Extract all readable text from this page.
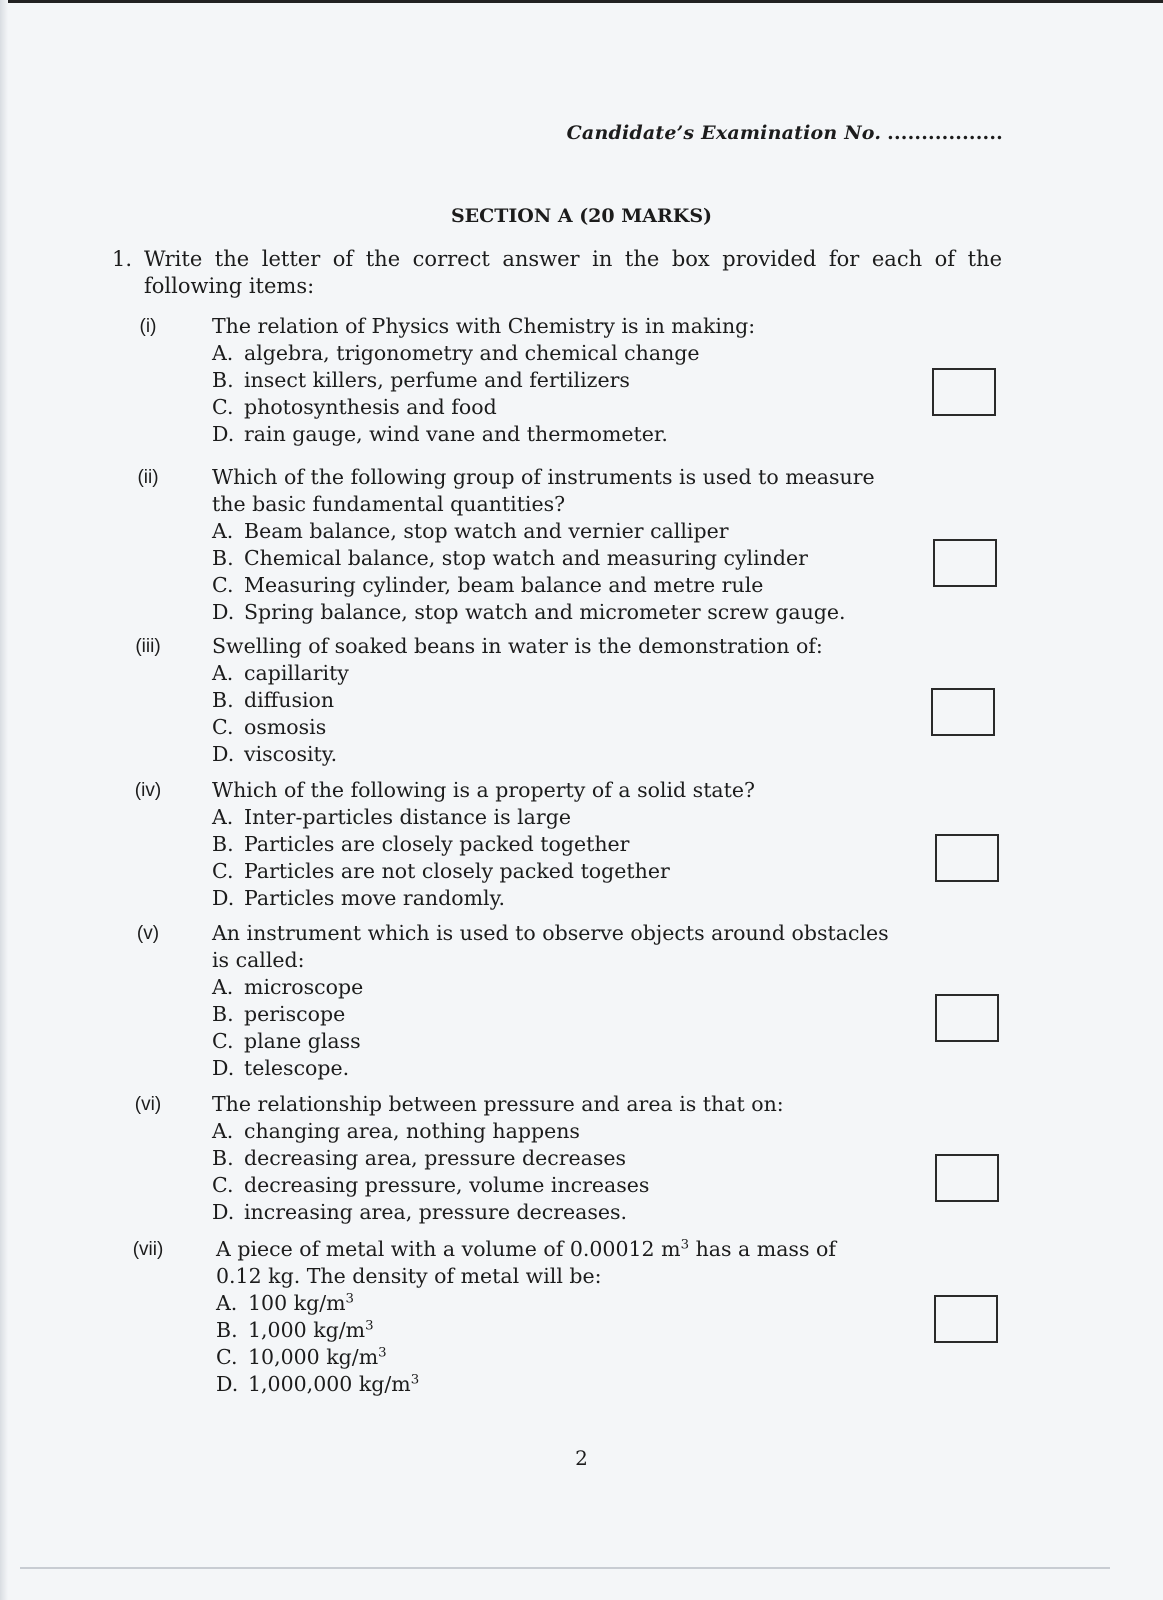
Candidate’s Examination No. .................
SECTION A (20 MARKS)
1. Write the letter of the correct answer in the box provided for each of the following items:
(i)	The relation of Physics with Chemistry is in making:
A. algebra, trigonometry and chemical change
B. insect killers, perfume and fertilizers
C. photosynthesis and food
D. rain gauge, wind vane and thermometer.
(ii)	Which of the following group of instruments is used to measure
the basic fundamental quantities?
A. Beam balance, stop watch and vernier calliper
B. Chemical balance, stop watch and measuring cylinder
C. Measuring cylinder, beam balance and metre rule
D. Spring balance, stop watch and micrometer screw gauge.
(iii)	Swelling of soaked beans in water is the demonstration of:
A. capillarity
B. diffusion
C. osmosis
D. viscosity.
(iv)	Which of the following is a property of a solid state?
A. Inter-particles distance is large
B. Particles are closely packed together
C. Particles are not closely packed together
D. Particles move randomly.
(v)	An instrument which is used to observe objects around obstacles
is called:
A. microscope
B. periscope
C. plane glass
D. telescope.
(vi)	The relationship between pressure and area is that on:
A. changing area, nothing happens
B. decreasing area, pressure decreases
C. decreasing pressure, volume increases
D. increasing area, pressure decreases.
(vii)	A piece of metal with a volume of 0.00012 $m^3$ has a mass of
0.12 kg. The density of metal will be:
A. 100 $kg/m^3$
B. 1,000 $kg/m^3$
C. 10,000 $kg/m^3$
D. 1,000,000 $kg/m^3$
2
